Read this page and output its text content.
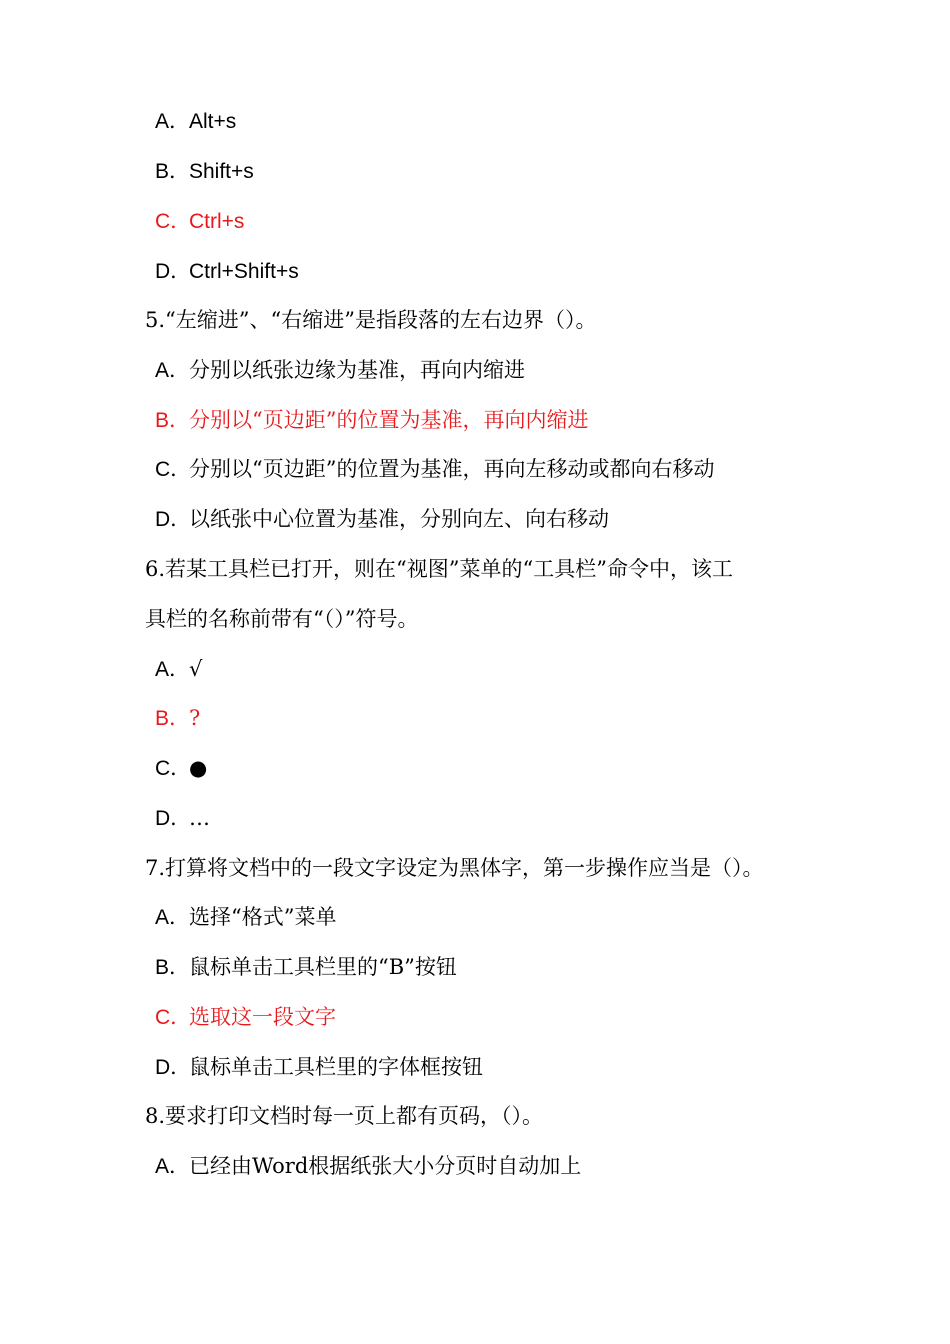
A．Alt+s
B．Shift+s
C．Ctrl+s
D．Ctrl+Shift+s
5.“左缩进”、“右缩进”是指段落的左右边界（）。
A．分别以纸张边缘为基准，再向内缩进
B．分别以“页边距”的位置为基准，再向内缩进
C．分别以“页边距”的位置为基准，再向左移动或都向右移动
D．以纸张中心位置为基准，分别向左、向右移动
6.若某工具栏已打开，则在“视图”菜单的“工具栏”命令中，该工
具栏的名称前带有“（）”符号。
A．√
B．?
C．●
D．…
7.打算将文档中的一段文字设定为黑体字，第一步操作应当是（）。
A．选择“格式”菜单
B．鼠标单击工具栏里的“B”按钮
C．选取这一段文字
D．鼠标单击工具栏里的字体框按钮
8.要求打印文档时每一页上都有页码，（）。
A．已经由Word根据纸张大小分页时自动加上
